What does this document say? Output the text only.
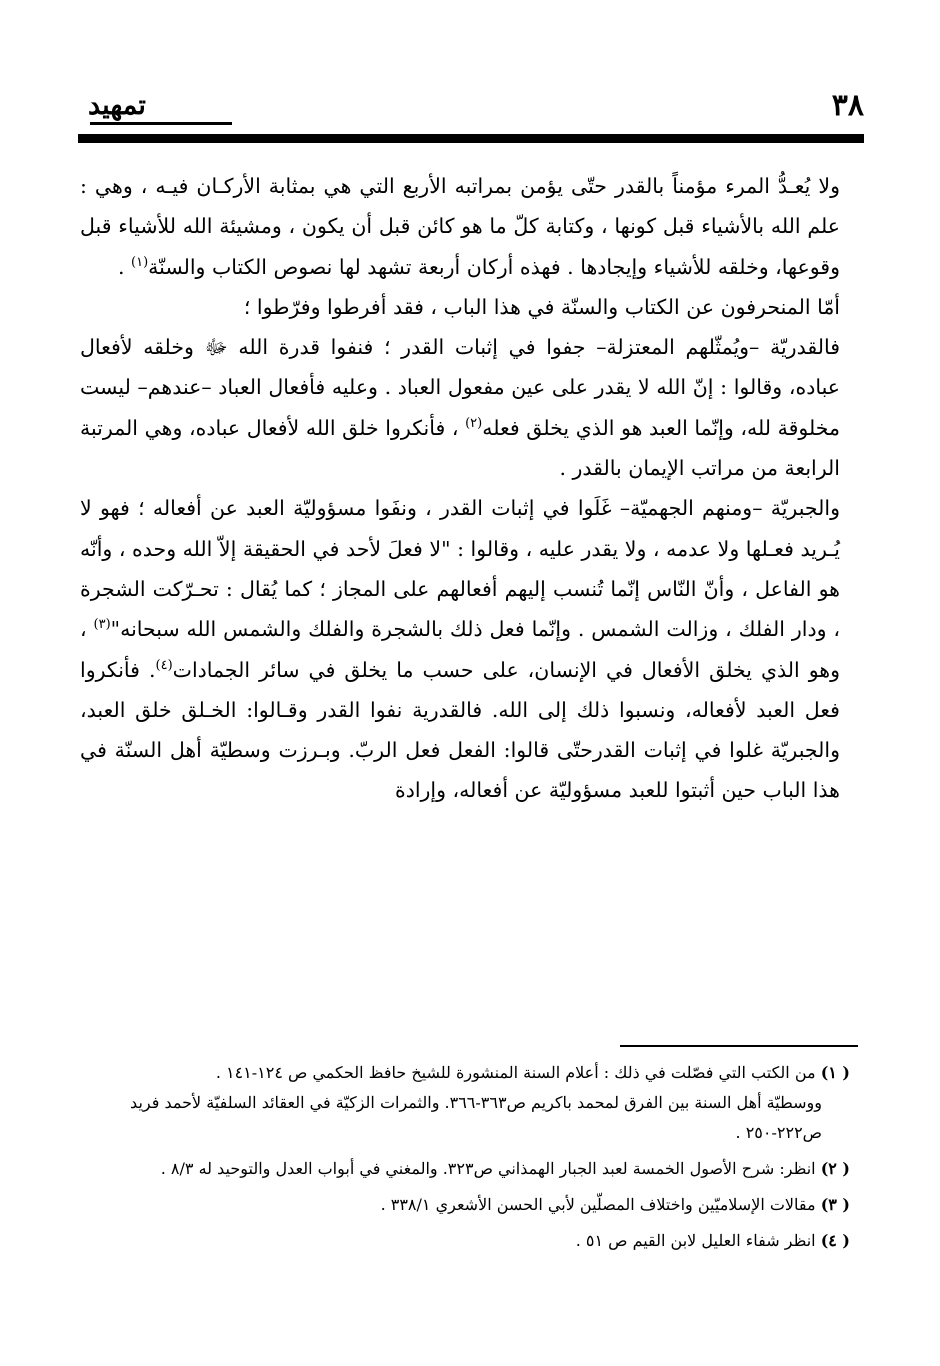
٣٨
تمهيد

ولا يُعـدُّ المرء مؤمناً بالقدر حتّى يؤمن بمراتبه الأربع التي هي بمثابة الأركـان فيـه ، وهي : علم الله بالأشياء قبل كونها ، وكتابة كلّ ما هو كائن قبل أن يكون ، ومشيئة الله للأشياء قبل وقوعها، وخلقه للأشياء وإيجادها . فهذه أركان أربعة تشهد لها نصوص الكتاب والسنّة$^{(١)}$ .

أمّا المنحرفون عن الكتاب والسنّة في هذا الباب ، فقد أفرطوا وفرّطوا ؛

فالقدريّة –ويُمثّلهم المعتزلة– جفوا في إثبات القدر ؛ فنفوا قدرة الله ﷻ وخلقه لأفعال عباده، وقالوا : إنّ الله لا يقدر على عين مفعول العباد . وعليه فأفعال العباد –عندهم– ليست مخلوقة لله، وإنّما العبد هو الذي يخلق فعله$^{(٢)}$ ، فأنكروا خلق الله لأفعال عباده، وهي المرتبة الرابعة من مراتب الإيمان بالقدر .

والجبريّة –ومنهم الجهميّة– غَلَوا في إثبات القدر ، ونفَوا مسؤوليّة العبد عن أفعاله ؛ فهو لا يُـريد فعـلها ولا عدمه ، ولا يقدر عليه ، وقالوا : "لا فعلَ لأحد في الحقيقة إلاّ الله وحده ، وأنّه هو الفاعل ، وأنّ النّاس إنّما تُنسب إليهم أفعالهم على المجاز ؛ كما يُقال : تحـرّكت الشجرة ، ودار الفلك ، وزالت الشمس . وإنّما فعل ذلك بالشجرة والفلك والشمس الله سبحانه"$^{(٣)}$ ، وهو الذي يخلق الأفعال في الإنسان، على حسب ما يخلق في سائر الجمادات$^{(٤)}$. فأنكروا فعل العبد لأفعاله، ونسبوا ذلك إلى الله. فالقدرية نفوا القدر وقـالوا: الخـلق خلق العبد، والجبريّة غلوا في إثبات القدرحتّى قالوا: الفعل فعل الربّ. وبـرزت وسطيّة أهل السنّة في هذا الباب حين أثبتوا للعبد مسؤوليّة عن أفعاله، وإرادة

( ١) من الكتب التي فصّلت في ذلك : أعلام السنة المنشورة للشيخ حافظ الحكمي ص ١٢٤-١٤١ .
ووسطيّة أهل السنة بين الفرق لمحمد باكريم ص٣٦٣-٣٦٦. والثمرات الزكيّة في العقائد السلفيّة لأحمد فريد ص٢٢٢-٢٥٠ .
( ٢) انظر: شرح الأصول الخمسة لعبد الجبار الهمذاني ص٣٢٣. والمغني في أبواب العدل والتوحيد له ٨/٣ .
( ٣) مقالات الإسلاميّين واختلاف المصلّين لأبي الحسن الأشعري ٣٣٨/١ .
( ٤) انظر شفاء العليل لابن القيم ص ٥١ .
